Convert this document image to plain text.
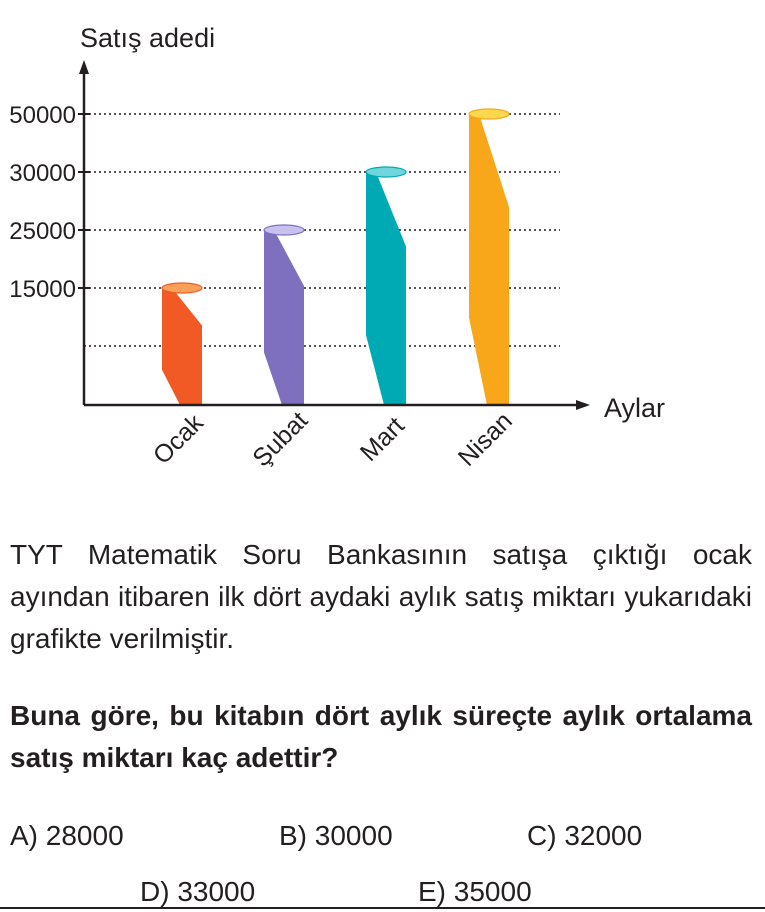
Satış adedi
Aylar
15000
25000
30000
50000
Ocak Şubat Mart Nisan
TYT Matematik Soru Bankasının satışa çıktığı ocak ayından itibaren ilk dört aydaki aylık satış miktarı yukarıdaki grafikte verilmiştir.
Buna göre, bu kitabın dört aylık süreçte aylık ortalama satış miktarı kaç adettir?
A) 28000	B) 30000	C) 32000
D) 33000	E) 35000
